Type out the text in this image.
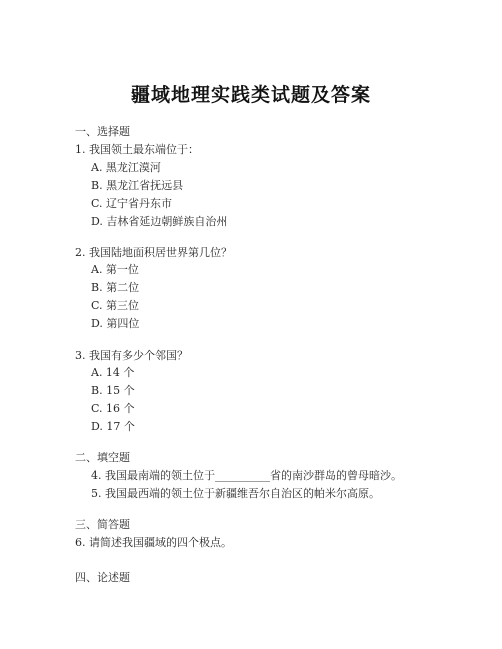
疆域地理实践类试题及答案
一、选择题
1. 我国领土最东端位于：
A. 黑龙江漠河
B. 黑龙江省抚远县
C. 辽宁省丹东市
D. 吉林省延边朝鲜族自治州
2. 我国陆地面积居世界第几位？
A. 第一位
B. 第二位
C. 第三位
D. 第四位
3. 我国有多少个邻国？
A. 14 个
B. 15 个
C. 16 个
D. 17 个
二、填空题
4. 我国最南端的领土位于__________省的南沙群岛的曾母暗沙。
5. 我国最西端的领土位于新疆维吾尔自治区的帕米尔高原。
三、简答题
6. 请简述我国疆域的四个极点。
四、论述题
